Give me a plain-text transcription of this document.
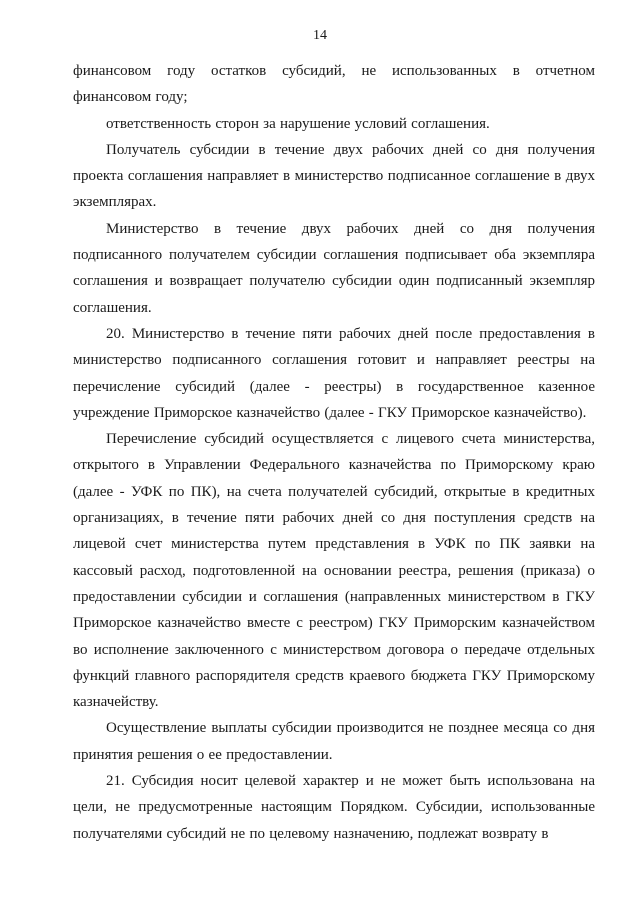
14

финансовом году остатков субсидий, не использованных в отчетном финансовом году;

ответственность сторон за нарушение условий соглашения.

Получатель субсидии в течение двух рабочих дней со дня получения проекта соглашения направляет в министерство подписанное соглашение в двух экземплярах.

Министерство в течение двух рабочих дней со дня получения подписанного получателем субсидии соглашения подписывает оба экземпляра соглашения и возвращает получателю субсидии один подписанный экземпляр соглашения.

20. Министерство в течение пяти рабочих дней после предоставления в министерство подписанного соглашения готовит и направляет реестры на перечисление субсидий (далее - реестры) в государственное казенное учреждение Приморское казначейство (далее - ГКУ Приморское казначейство).

Перечисление субсидий осуществляется с лицевого счета министерства, открытого в Управлении Федерального казначейства по Приморскому краю (далее - УФК по ПК), на счета получателей субсидий, открытые в кредитных организациях, в течение пяти рабочих дней со дня поступления средств на лицевой счет министерства путем представления в УФК по ПК заявки на кассовый расход, подготовленной на основании реестра, решения (приказа) о предоставлении субсидии и соглашения (направленных министерством в ГКУ Приморское казначейство вместе с реестром) ГКУ Приморским казначейством во исполнение заключенного с министерством договора о передаче отдельных функций главного распорядителя средств краевого бюджета ГКУ Приморскому казначейству.

Осуществление выплаты субсидии производится не позднее месяца со дня принятия решения о ее предоставлении.

21. Субсидия носит целевой характер и не может быть использована на цели, не предусмотренные настоящим Порядком. Субсидии, использованные получателями субсидий не по целевому назначению, подлежат возврату в
